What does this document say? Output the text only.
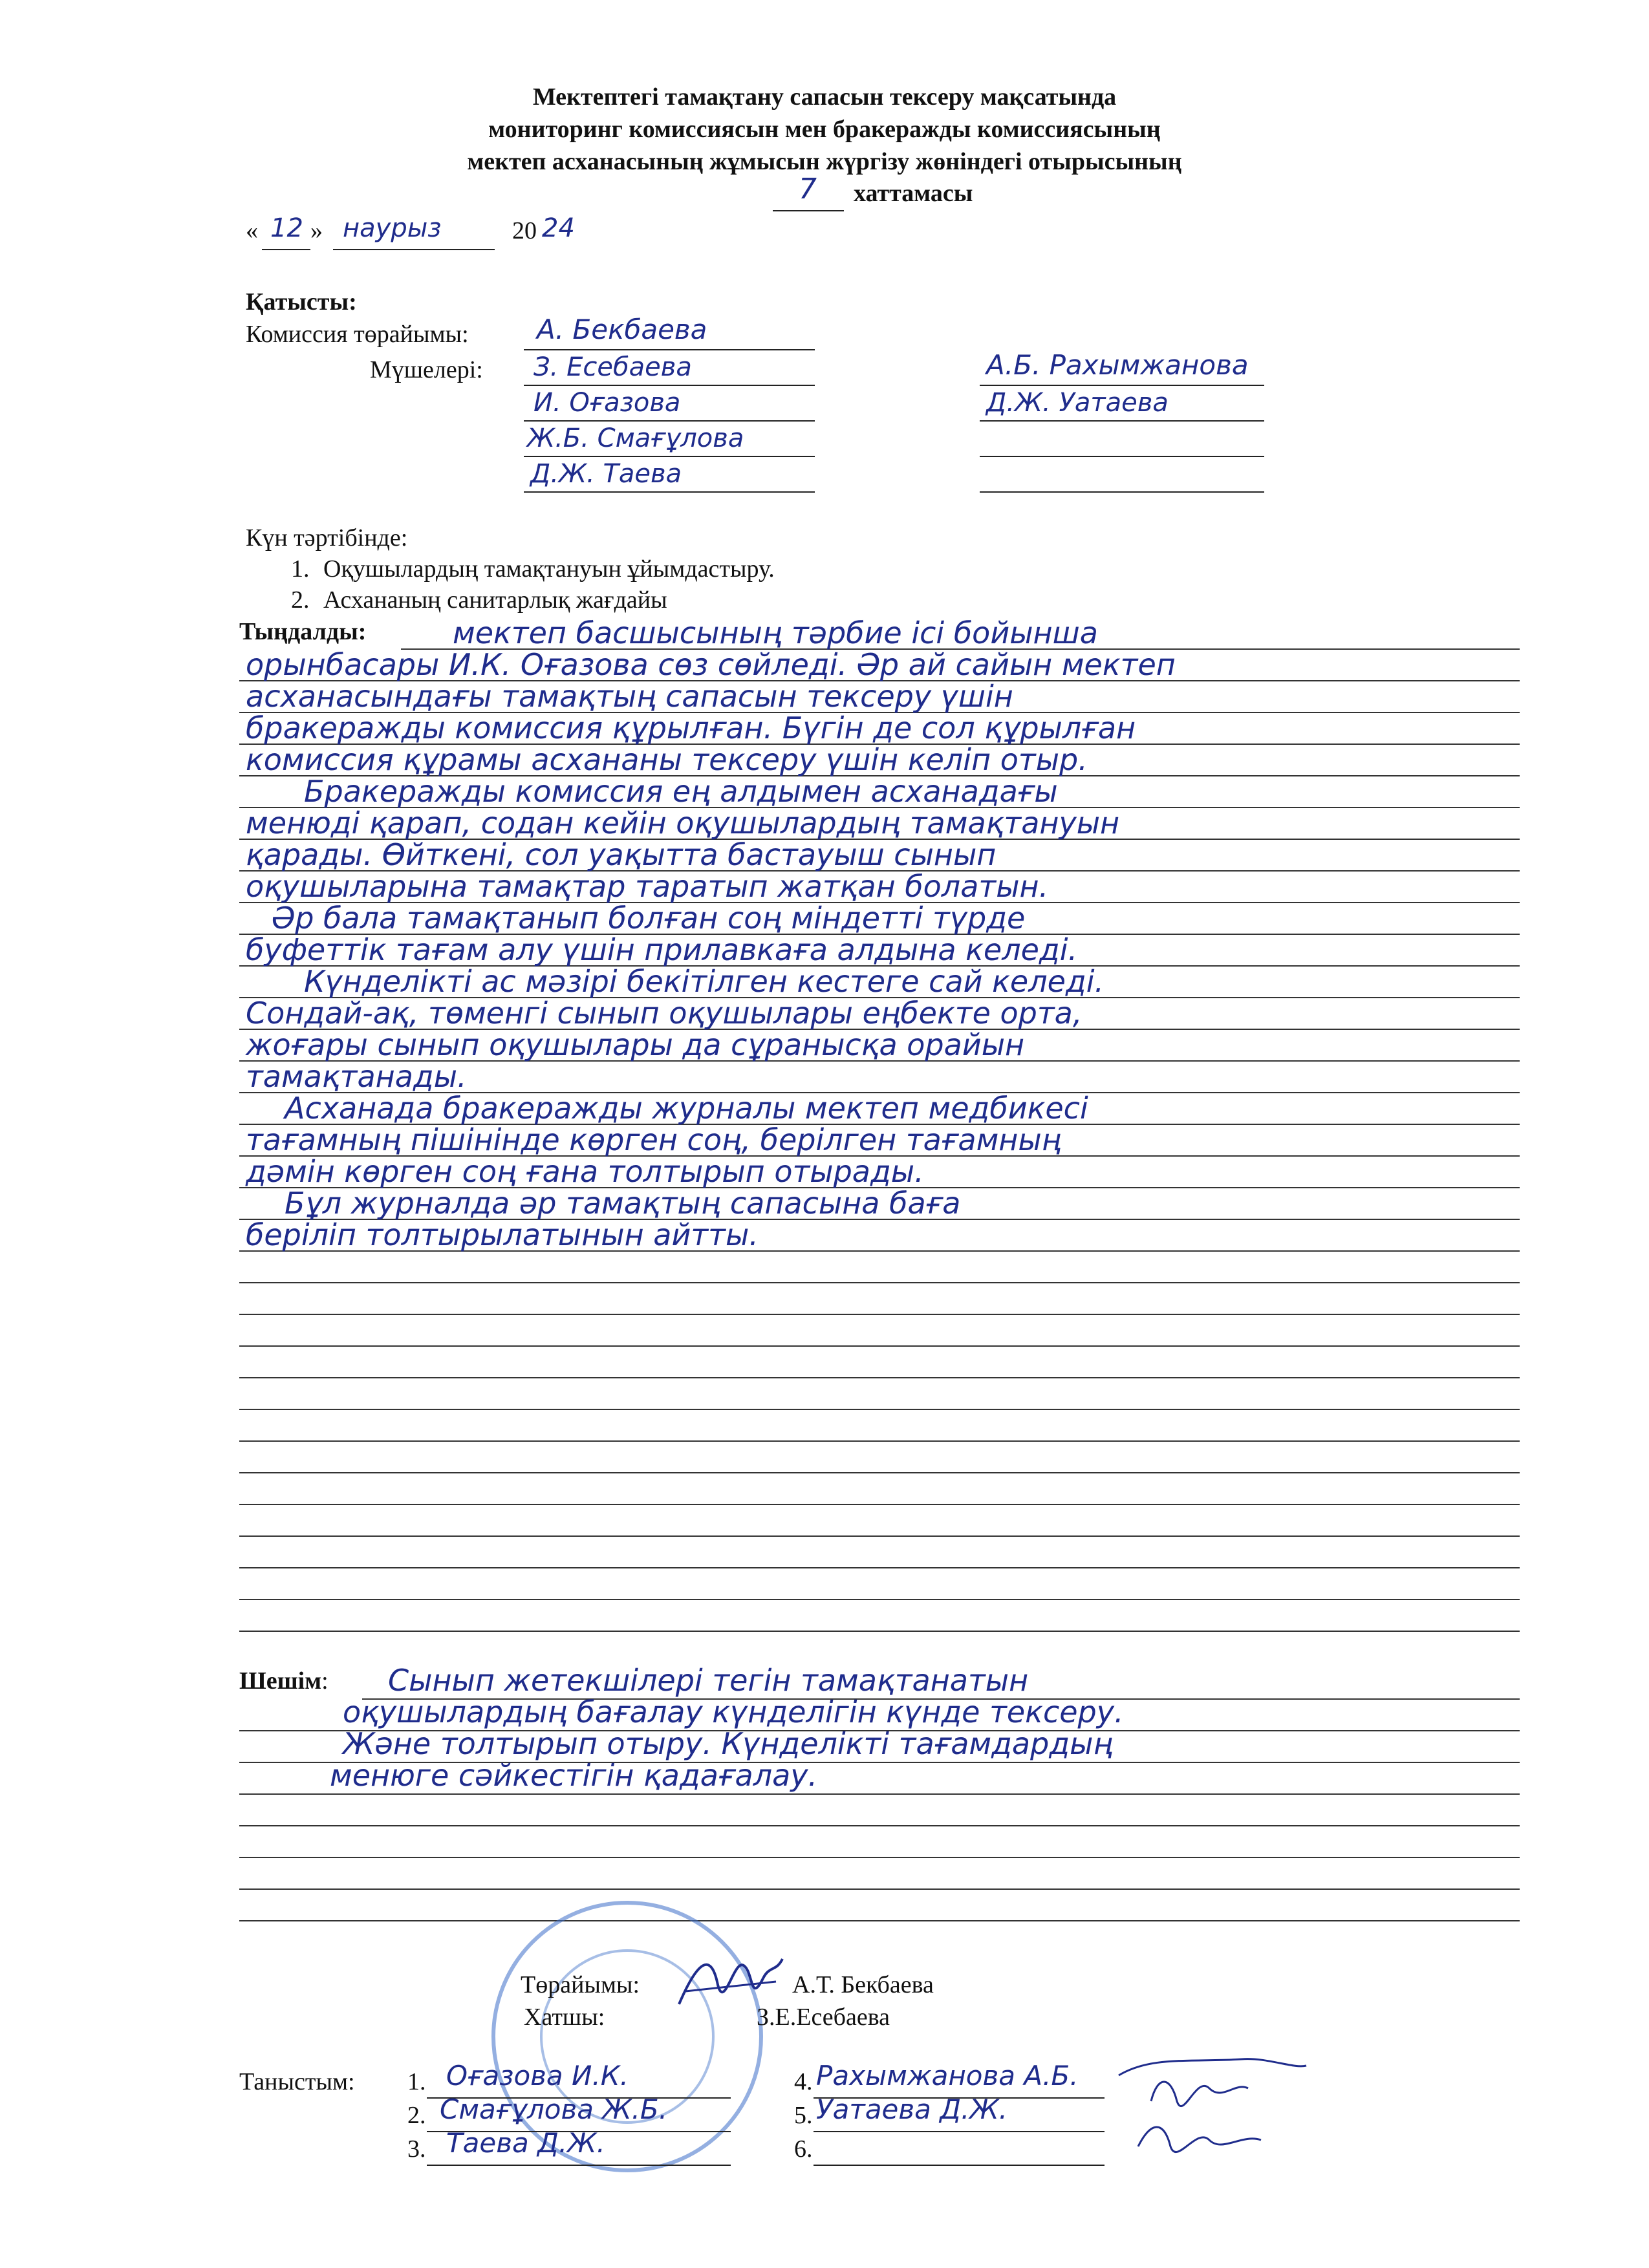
Мектептегі тамақтану сапасын тексеру мақсатында
мониторинг комиссиясын мен бракеражды комиссиясының
мектеп асханасының жұмысын жүргізу жөніндегі отырысының
7 хаттамасы
« 12 » наурыз	20 24
Қатысты:
Комиссия төрайымы:	А. Бекбаева
Мүшелері: З. Есебаева
И. Оғазова
Ж.Б. Смағұлова
Д.Ж. Таева
А.Б. Рахымжанова
Д.Ж. Уатаева
Күн тәртібінде:
1. Оқушылардың тамақтануын ұйымдастыру.
2. Асхананың санитарлық жағдайы
Тыңдалды:	мектеп басшысының тәрбие ісі бойынша
орынбасары И.К. Оғазова сөз сөйледі. Әр ай сайын мектеп
асханасындағы тамақтың сапасын тексеру үшін
бракеражды комиссия құрылған. Бүгін де сол құрылған
комиссия құрамы асхананы тексеру үшін келіп отыр.
Бракеражды комиссия ең алдымен асханадағы
менюді қарап, содан кейін оқушылардың тамақтануын
қарады. Өйткені, сол уақытта бастауыш сынып
оқушыларына тамақтар таратып жатқан болатын.
Әр бала тамақтанып болған соң міндетті түрде
буфеттік тағам алу үшін прилавкаға алдына келеді.
Күнделікті ас мәзірі бекітілген кестеге сай келеді.
Сондай-ақ, төменгі сынып оқушылары еңбекте орта,
жоғары сынып оқушылары да сұранысқа орайын
тамақтанады.
Асханада бракеражды журналы мектеп медбикесі
тағамның пішінінде көрген соң, берілген тағамның
дәмін көрген соң ғана толтырып отырады.
Бұл журналда әр тамақтың сапасына баға
беріліп толтырылатынын айтты.
Шешім: Сынып жетекшілері тегін тамақтанатын
оқушылардың бағалау күнделігін күнде тексеру.
Және толтырып отыру. Күнделікті тағамдардың
менюге сәйкестігін қадағалау.
Төрайымы:	А.Т. Бекбаева
Хатшы:	З.Е.Есебаева
Таныстым: 1. Оғазова И.К.
2. Смағұлова Ж.Б.
3. Таева Д.Ж.
4. Рахымжанова А.Б.
5. Уатаева Д.Ж.
6.
